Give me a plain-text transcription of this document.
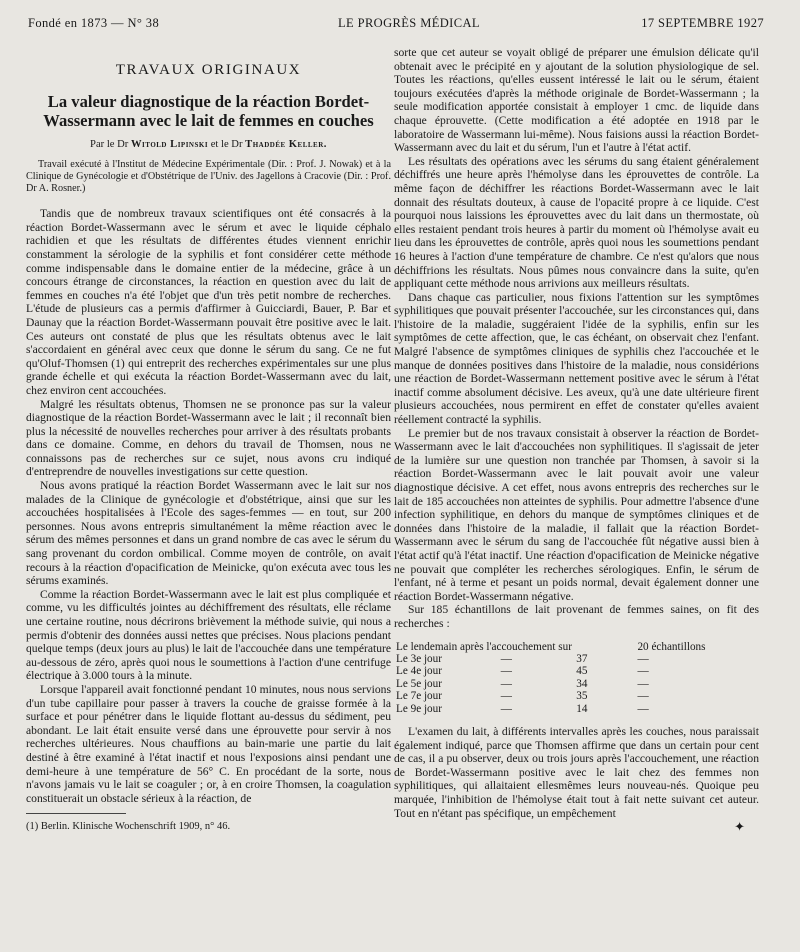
Fondé en 1873 — N° 38	LE PROGRÈS MÉDICAL	17 SEPTEMBRE 1927
TRAVAUX ORIGINAUX
La valeur diagnostique de la réaction Bordet-Wassermann avec le lait de femmes en couches
Par le Dr Witold Lipinski et le Dr Thaddée Keller.

Travail exécuté à l'Institut de Médecine Expérimentale (Dir. : Prof. J. Nowak) et à la Clinique de Gynécologie et d'Obstétrique de l'Univ. des Jagellons à Cracovie (Dir. : Prof. Dr A. Rosner.)

Tandis que de nombreux travaux scientifiques ont été consacrés à la réaction Bordet-Wassermann avec le sérum et avec le liquide céphalo rachidien et que les résultats de différentes études viennent enrichir constamment la sérologie de la syphilis et font considérer cette méthode comme indispensable dans le domaine entier de la médecine, grâce à un concours étrange de circonstances, la réaction en question avec du lait de femmes en couches n'a été l'objet que d'un très petit nombre de recherches. L'étude de plusieurs cas a permis d'affirmer à Guicciardi, Bauer, P. Bar et Daunay que la réaction Bordet-Wassermann pouvait être positive avec le lait. Ces auteurs ont constaté de plus que les résultats obtenus avec le lait s'accordaient en général avec ceux que donne le sérum du sang. Ce ne fut qu'Oluf-Thomsen (1) qui entreprit des recherches expérimentales sur une plus grande échelle et qui exécuta la réaction Bordet-Wassermann avec du lait, chez environ cent accouchées.

Malgré les résultats obtenus, Thomsen ne se prononce pas sur la valeur diagnostique de la réaction Bordet-Wassermann avec le lait ; il reconnaît bien plus la nécessité de nouvelles recherches pour arriver à des résultats probants dans ce domaine. Comme, en dehors du travail de Thomsen, nous ne connaissons pas de recherches sur ce sujet, nous avons cru indiqué d'entreprendre de nouvelles investigations sur cette question.

Nous avons pratiqué la réaction Bordet Wassermann avec le lait sur nos malades de la Clinique de gynécologie et d'obstétrique, ainsi que sur les accouchées hospitalisées à l'Ecole des sages-femmes — en tout, sur 200 personnes. Nous avons entrepris simultanément la même réaction avec le sérum des mêmes personnes et dans un grand nombre de cas avec le sérum du sang provenant du cordon ombilical. Comme moyen de contrôle, on avait recours à la réaction d'opacification de Meinicke, qu'on exécuta avec tous les sérums examinés.

Comme la réaction Bordet-Wassermann avec le lait est plus compliquée et comme, vu les difficultés jointes au déchiffrement des résultats, elle réclame une certaine routine, nous décrirons brièvement la méthode suivie, qui nous a permis d'obtenir des données aussi nettes que précises. Nous placions pendant quelque temps (deux jours au plus) le lait de l'accouchée dans une température au-dessous de zéro, après quoi nous le soumettions à l'action d'une centrifuge électrique à 3.000 tours à la minute.

Lorsque l'appareil avait fonctionné pendant 10 minutes, nous nous servions d'un tube capillaire pour passer à travers la couche de graisse formée à la surface et pour pénétrer dans le liquide flottant au-dessus du sédiment, peu abondant. Le lait était ensuite versé dans une éprouvette pour servir à nos recherches ultérieures. Nous chauffions au bain-marie une partie du lait destiné à être examiné à l'état inactif et nous l'exposions ainsi pendant une demi-heure à une température de 56° C. En procédant de la sorte, nous n'avons jamais vu le lait se coaguler ; or, à en croire Thomsen, la coagulation constituerait un obstacle sérieux à la réaction, de

(1) Berlin. Klinische Wochenschrift 1909, n° 46.

sorte que cet auteur se voyait obligé de préparer une émulsion délicate qu'il obtenait avec le précipité en y ajoutant de la solution physiologique de sel. Toutes les réactions, qu'elles eussent intéressé le lait ou le sérum, étaient toujours exécutées d'après la méthode originale de Bordet-Wassermann ; la seule modification apportée consistait à employer 1 cmc. de liquide dans chaque éprouvette. (Cette modification a été adoptée en 1918 par le laboratoire de Wassermann lui-même). Nous faisions aussi la réaction Bordet-Wassermann avec du lait et du sérum, l'un et l'autre à l'état actif.

Les résultats des opérations avec les sérums du sang étaient généralement déchiffrés une heure après l'hémolyse dans les éprouvettes de contrôle. La même façon de déchiffrer les réactions Bordet-Wassermann avec le lait donnait des résultats douteux, à cause de l'opacité propre à ce liquide. C'est pourquoi nous laissions les éprouvettes avec du lait dans un thermostate, où elles restaient pendant trois heures à partir du moment où l'hémolyse avait eu lieu dans les éprouvettes de contrôle, après quoi nous les soumettions pendant 16 heures à l'action d'une température de chambre. Ce n'est qu'alors que nous déchiffrions les résultats. Nous pûmes nous convaincre dans la suite, qu'en appliquant cette méthode nous arrivions aux meilleurs résultats.

Dans chaque cas particulier, nous fixions l'attention sur les symptômes syphilitiques que pouvait présenter l'accouchée, sur les circonstances qui, dans l'histoire de la maladie, suggéraient l'idée de la syphilis, enfin sur les symptômes de cette affection, que, le cas échéant, on observait chez l'enfant. Malgré l'absence de symptômes cliniques de syphilis chez l'accouchée et le manque de données positives dans l'histoire de la maladie, nous considérions une réaction de Bordet-Wassermann nettement positive avec le sérum à l'état inactif comme absolument décisive. Les aveux, qu'à une date ultérieure firent plusieurs accouchées, nous permirent en effet de constater qu'elles avaient réellement contracté la syphilis.

Le premier but de nos travaux consistait à observer la réaction de Bordet-Wassermann avec le lait d'accouchées non syphilitiques. Il s'agissait de jeter de la lumière sur une question non tranchée par Thomsen, à savoir si la réaction Bordet-Wassermann avec le lait pouvait avoir une valeur diagnostique décisive. A cet effet, nous avons entrepris des recherches sur le lait de 185 accouchées non atteintes de syphilis. Pour admettre l'absence d'une infection syphilitique, en dehors du manque de symptômes cliniques et de données dans l'histoire de la maladie, il fallait que la réaction Bordet-Wassermann avec le sérum du sang de l'accouchée fût négative aussi bien à l'état actif qu'à l'état inactif. Une réaction d'opacification de Meinicke négative ne pouvait que compléter les recherches sérologiques. Enfin, le sérum de l'enfant, né à terme et pesant un poids normal, devait également donner une réaction Bordet-Wassermann négative.

Sur 185 échantillons de lait provenant de femmes saines, on fit des recherches :

Le lendemain après l'accouchement sur			20 échantillons
Le 3e jour	—	37	—
Le 4e jour	—	45	—
Le 5e jour	—	34	—
Le 7e jour	—	35	—
Le 9e jour	—	14	—

L'examen du lait, à différents intervalles après les couches, nous paraissait également indiqué, parce que Thomsen affirme que dans un certain pour cent de cas, il a pu observer, deux ou trois jours après l'accouchement, une réaction de Bordet-Wassermann positive avec le lait chez des femmes non syphilitiques, qui allaitaient ellesmêmes leurs nouveau-nés. Quoique peu marquée, l'inhibition de l'hémolyse était tout à fait nette suivant cet auteur. Tout en n'étant pas spécifique, un empêchement

✦
